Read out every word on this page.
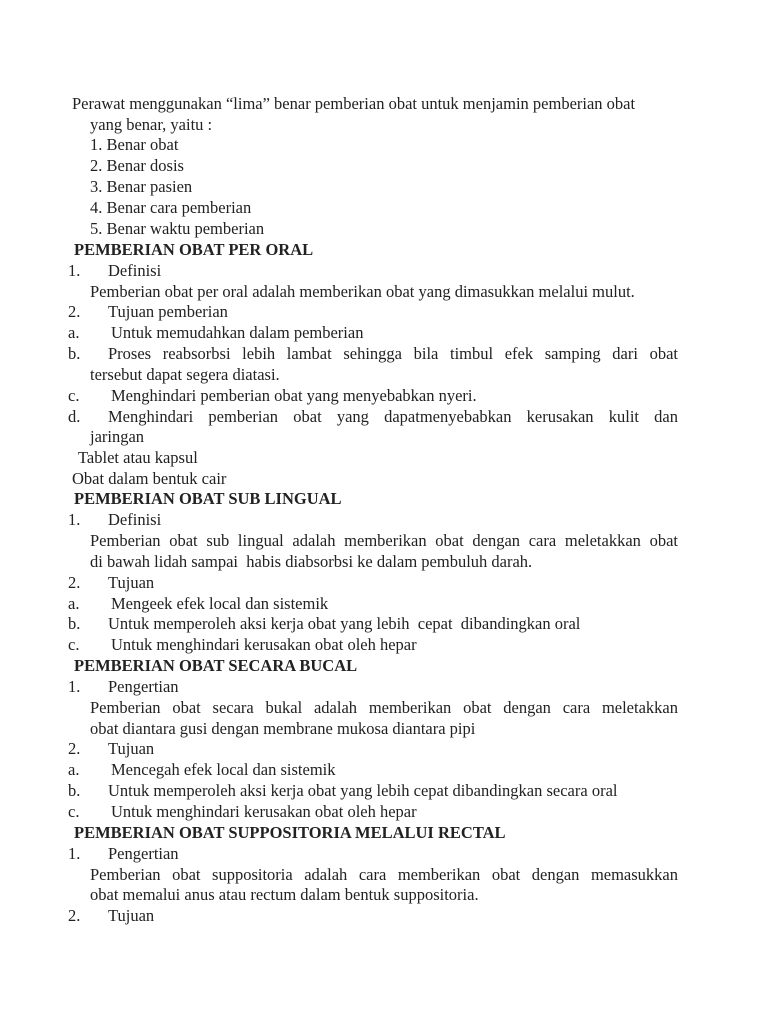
Perawat menggunakan “lima” benar pemberian obat untuk menjamin pemberian obat
yang benar, yaitu :
1. Benar obat
2. Benar dosis
3. Benar pasien
4. Benar cara pemberian
5. Benar waktu pemberian
PEMBERIAN OBAT PER ORAL
1. Definisi
Pemberian obat per oral adalah memberikan obat yang dimasukkan melalui mulut.
2. Tujuan pemberian
a. Untuk memudahkan dalam pemberian
b. Proses reabsorbsi lebih lambat sehingga bila timbul efek samping dari obat
tersebut dapat segera diatasi.
c. Menghindari pemberian obat yang menyebabkan nyeri.
d. Menghindari pemberian obat yang dapatmenyebabkan kerusakan kulit dan
jaringan
Tablet atau kapsul
Obat dalam bentuk cair
PEMBERIAN OBAT SUB LINGUAL
1. Definisi
Pemberian obat sub lingual adalah memberikan obat dengan cara meletakkan obat
di bawah lidah sampai  habis diabsorbsi ke dalam pembuluh darah.
2. Tujuan
a. Mengeek efek local dan sistemik
b. Untuk memperoleh aksi kerja obat yang lebih  cepat  dibandingkan oral
c. Untuk menghindari kerusakan obat oleh hepar
PEMBERIAN OBAT SECARA BUCAL
1. Pengertian
Pemberian obat secara bukal adalah memberikan obat dengan cara meletakkan
obat diantara gusi dengan membrane mukosa diantara pipi
2. Tujuan
a. Mencegah efek local dan sistemik
b. Untuk memperoleh aksi kerja obat yang lebih cepat dibandingkan secara oral
c. Untuk menghindari kerusakan obat oleh hepar
PEMBERIAN OBAT SUPPOSITORIA MELALUI RECTAL
1. Pengertian
Pemberian obat suppositoria adalah cara memberikan obat dengan memasukkan
obat memalui anus atau rectum dalam bentuk suppositoria.
2. Tujuan
